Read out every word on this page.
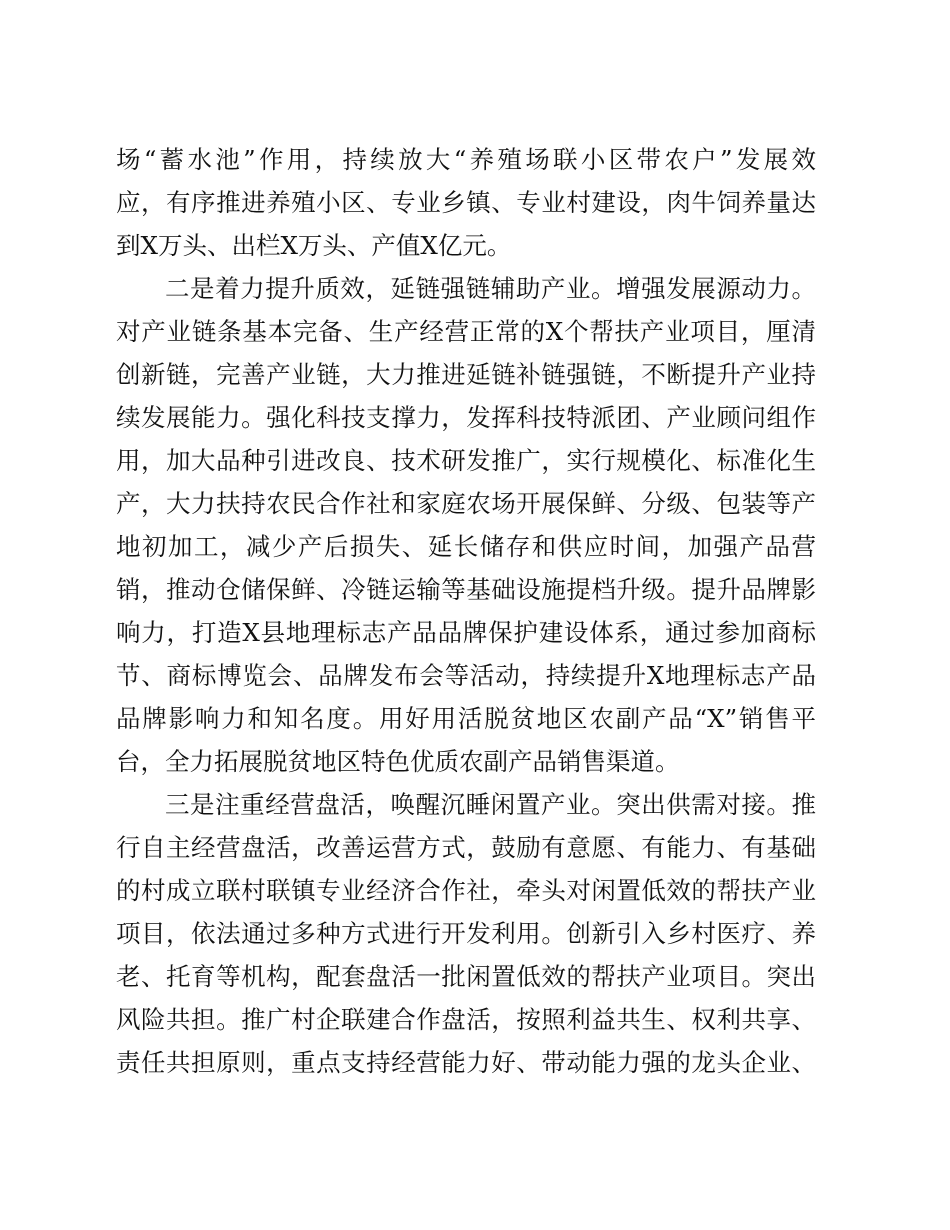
场“蓄水池”作用，持续放大“养殖场联小区带农户”发展效
应，有序推进养殖小区、专业乡镇、专业村建设，肉牛饲养量达
到X万头、出栏X万头、产值X亿元。
二是着力提升质效，延链强链辅助产业。增强发展源动力。
对产业链条基本完备、生产经营正常的X个帮扶产业项目，厘清
创新链，完善产业链，大力推进延链补链强链，不断提升产业持
续发展能力。强化科技支撑力，发挥科技特派团、产业顾问组作
用，加大品种引进改良、技术研发推广，实行规模化、标准化生
产，大力扶持农民合作社和家庭农场开展保鲜、分级、包装等产
地初加工，减少产后损失、延长储存和供应时间，加强产品营
销，推动仓储保鲜、冷链运输等基础设施提档升级。提升品牌影
响力，打造X县地理标志产品品牌保护建设体系，通过参加商标
节、商标博览会、品牌发布会等活动，持续提升X地理标志产品
品牌影响力和知名度。用好用活脱贫地区农副产品“X”销售平
台，全力拓展脱贫地区特色优质农副产品销售渠道。
三是注重经营盘活，唤醒沉睡闲置产业。突出供需对接。推
行自主经营盘活，改善运营方式，鼓励有意愿、有能力、有基础
的村成立联村联镇专业经济合作社，牵头对闲置低效的帮扶产业
项目，依法通过多种方式进行开发利用。创新引入乡村医疗、养
老、托育等机构，配套盘活一批闲置低效的帮扶产业项目。突出
风险共担。推广村企联建合作盘活，按照利益共生、权利共享、
责任共担原则，重点支持经营能力好、带动能力强的龙头企业、
